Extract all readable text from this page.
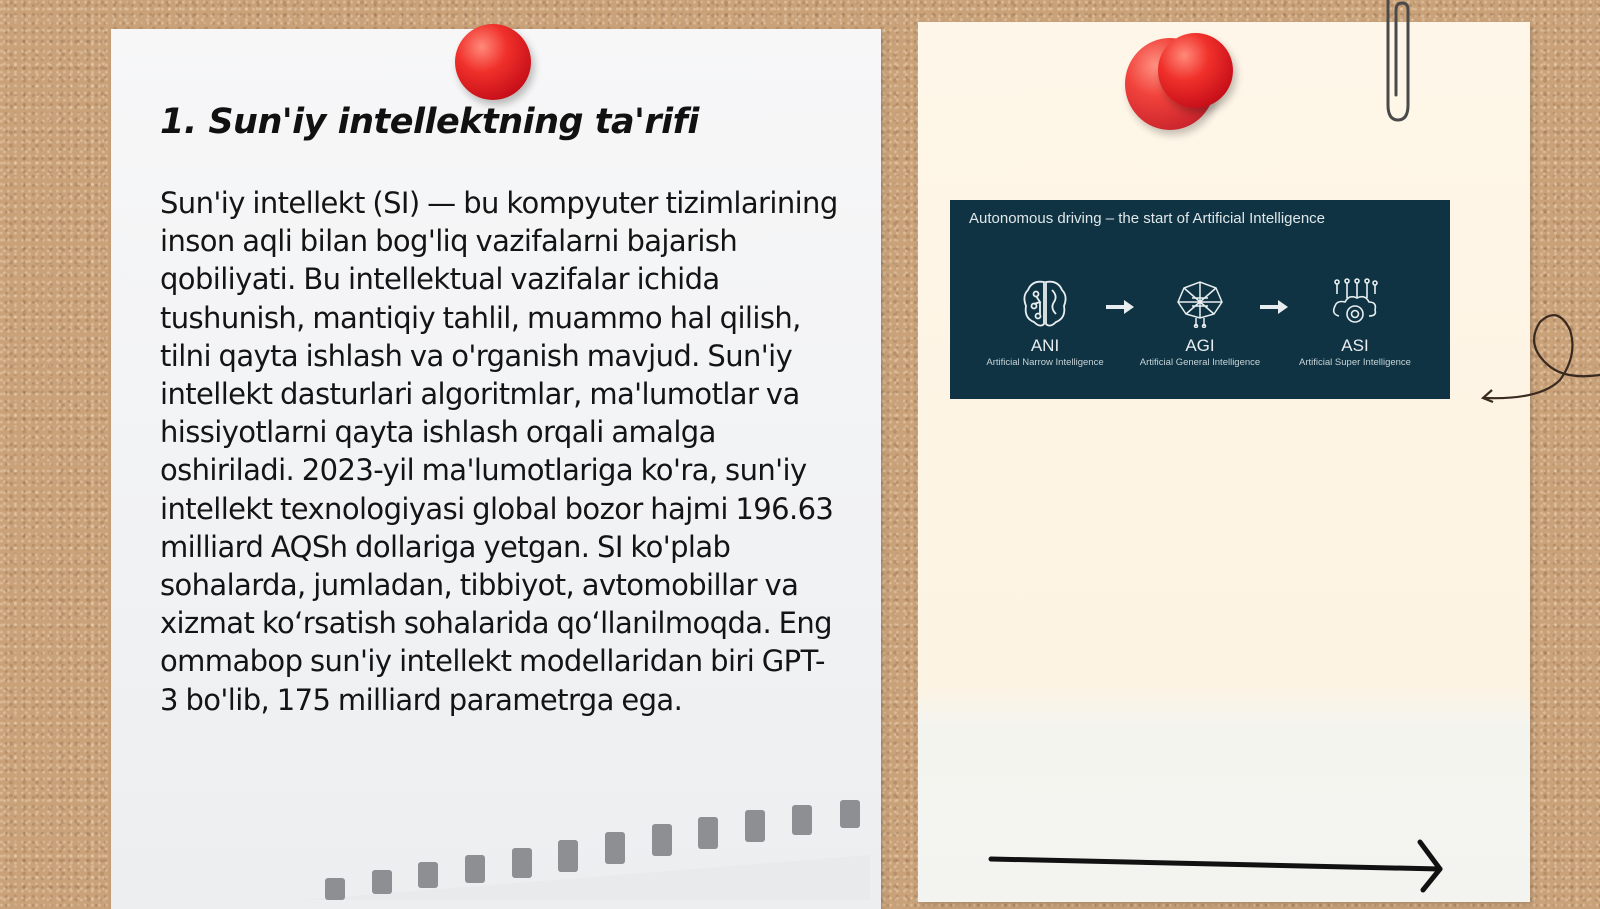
1. Sun'iy intellektning ta'rifi

Sun'iy intellekt (SI) — bu kompyuter tizimlarining inson aqli bilan bog'liq vazifalarni bajarish qobiliyati. Bu intellektual vazifalar ichida tushunish, mantiqiy tahlil, muammo hal qilish, tilni qayta ishlash va o'rganish mavjud. Sun'iy intellekt dasturlari algoritmlar, ma'lumotlar va hissiyotlarni qayta ishlash orqali amalga oshiriladi. 2023-yil ma'lumotlariga ko'ra, sun'iy intellekt texnologiyasi global bozor hajmi 196.63 milliard AQSh dollariga yetgan. SI ko'plab sohalarda, jumladan, tibbiyot, avtomobillar va xizmat ko‘rsatish sohalarida qo‘llanilmoqda. Eng ommabop sun'iy intellekt modellaridan biri GPT-3 bo'lib, 175 milliard parametrga ega.

Autonomous driving – the start of Artificial Intelligence
ANI
Artificial Narrow Intelligence
AGI
Artificial General Intelligence
ASI
Artificial Super Intelligence
